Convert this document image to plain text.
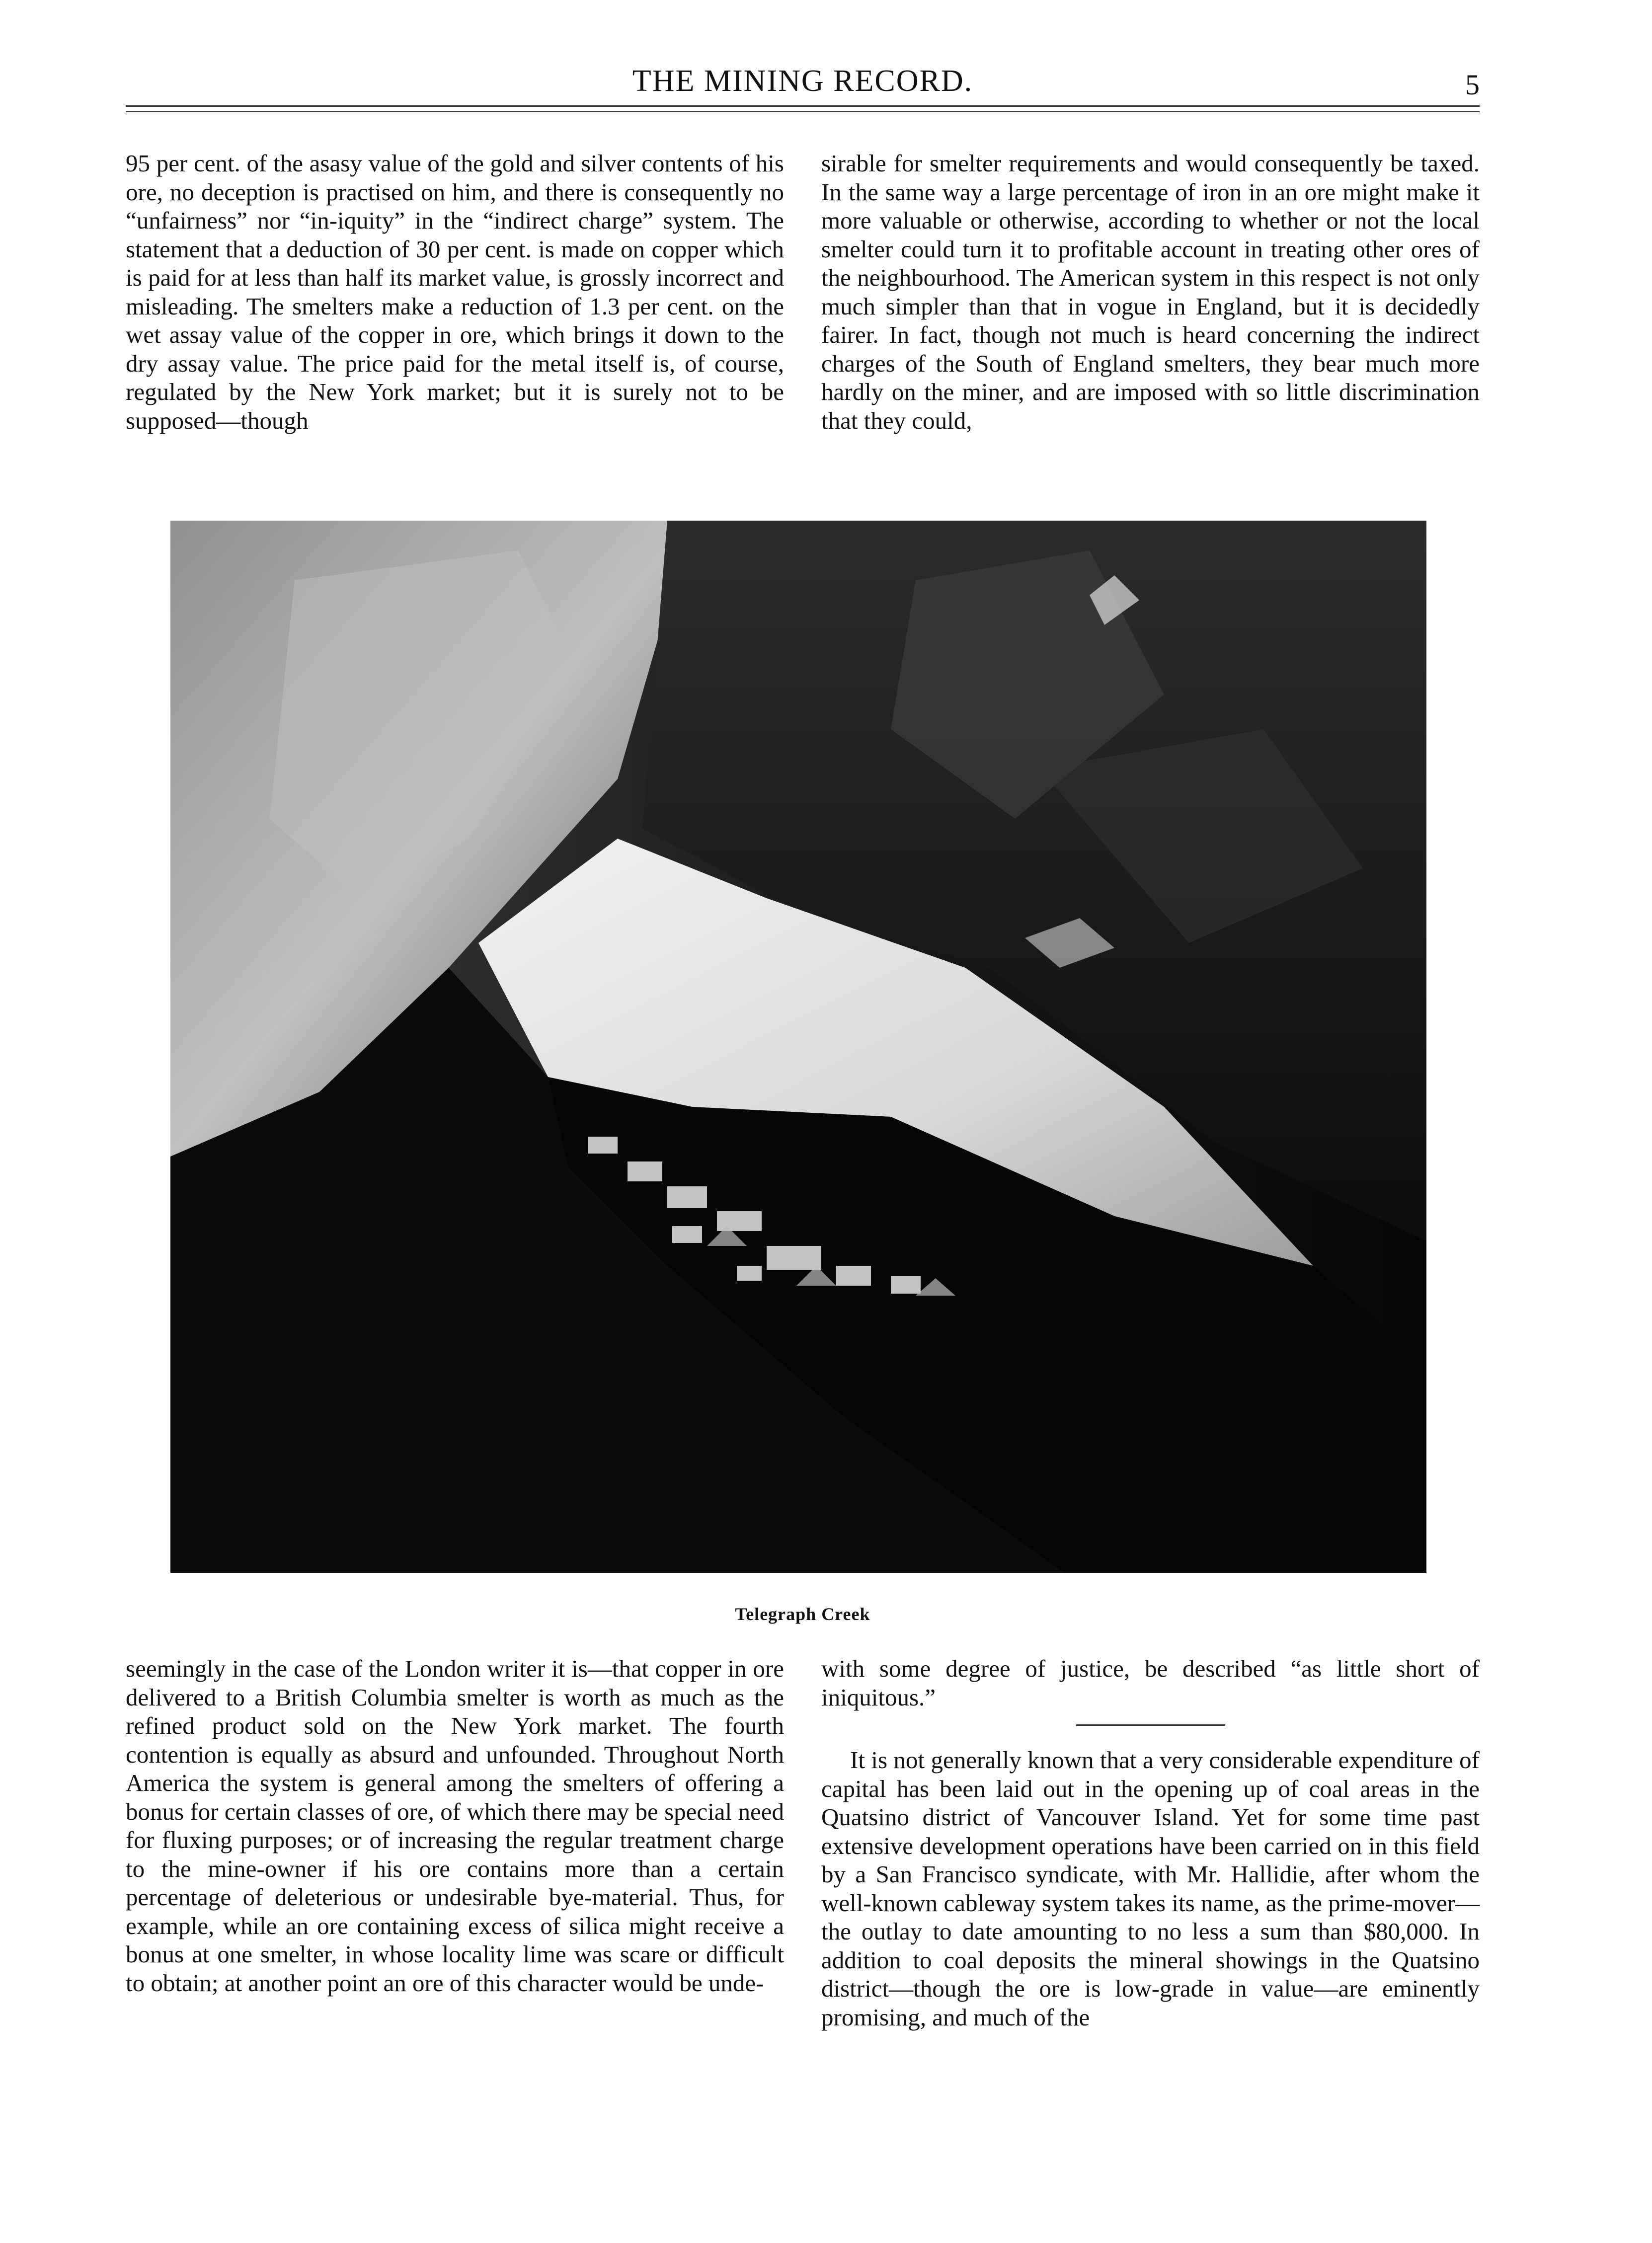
THE MINING RECORD.	5

95 per cent. of the asasy value of the gold and silver contents of his ore, no deception is practised on him, and there is consequently no “unfairness” nor “in-iquity” in the “indirect charge” system. The statement that a deduction of 30 per cent. is made on copper which is paid for at less than half its market value, is grossly incorrect and misleading. The smelters make a reduction of 1.3 per cent. on the wet assay value of the copper in ore, which brings it down to the dry assay value. The price paid for the metal itself is, of course, regulated by the New York market; but it is surely not to be supposed—though

sirable for smelter requirements and would consequently be taxed. In the same way a large percentage of iron in an ore might make it more valuable or otherwise, according to whether or not the local smelter could turn it to profitable account in treating other ores of the neighbourhood. The American system in this respect is not only much simpler than that in vogue in England, but it is decidedly fairer. In fact, though not much is heard concerning the indirect charges of the South of England smelters, they bear much more hardly on the miner, and are imposed with so little discrimination that they could,

Telegraph Creek

seemingly in the case of the London writer it is—that copper in ore delivered to a British Columbia smelter is worth as much as the refined product sold on the New York market. The fourth contention is equally as absurd and unfounded. Throughout North America the system is general among the smelters of offering a bonus for certain classes of ore, of which there may be special need for fluxing purposes; or of increasing the regular treatment charge to the mine-owner if his ore contains more than a certain percentage of deleterious or undesirable bye-material. Thus, for example, while an ore containing excess of silica might receive a bonus at one smelter, in whose locality lime was scare or difficult to obtain; at another point an ore of this character would be unde-

with some degree of justice, be described “as little short of iniquitous.”

It is not generally known that a very considerable expenditure of capital has been laid out in the opening up of coal areas in the Quatsino district of Vancouver Island. Yet for some time past extensive development operations have been carried on in this field by a San Francisco syndicate, with Mr. Hallidie, after whom the well-known cableway system takes its name, as the prime-mover—the outlay to date amounting to no less a sum than $80,000. In addition to coal deposits the mineral showings in the Quatsino district—though the ore is low-grade in value—are eminently promising, and much of the
